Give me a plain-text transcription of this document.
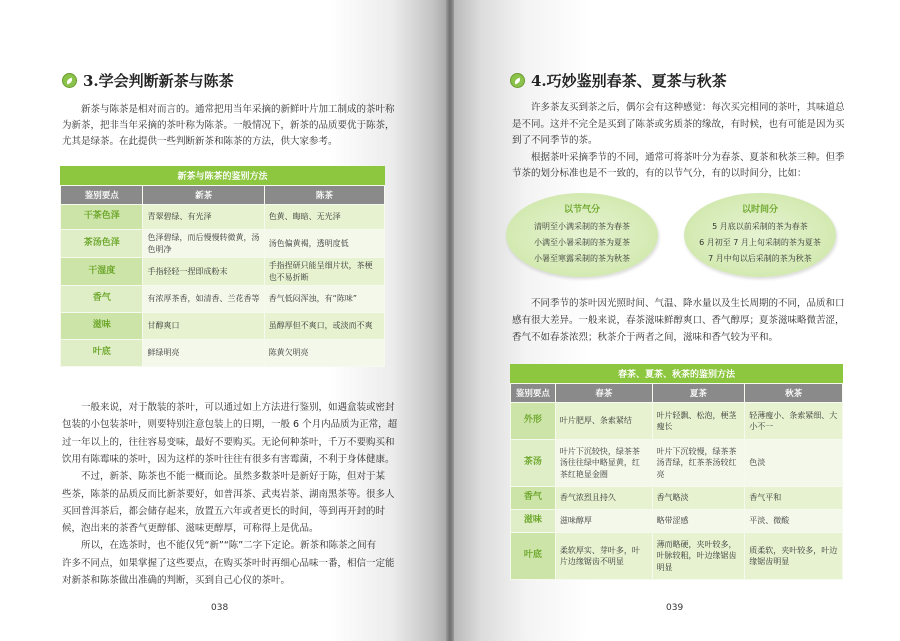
3.学会判断新茶与陈茶

新茶与陈茶是相对而言的。通常把用当年采摘的新鲜叶片加工制成的茶叶称

为新茶，把非当年采摘的茶叶称为陈茶。一般情况下，新茶的品质要优于陈茶，

尤其是绿茶。在此提供一些判断新茶和陈茶的方法，供大家参考。

新茶与陈茶的鉴别方法
鉴别要点	新茶	陈茶
干茶色泽	青翠碧绿、有光泽	色黄、晦暗、无光泽
茶汤色泽	色泽碧绿，而后慢慢转微黄，汤色明净	汤色偏黄褐，透明度低
干湿度	手指轻轻一捏即成粉末	手指捏研只能呈细片状，茶梗也不易折断
香气	有浓厚茶香，如清香、兰花香等	香气低闷浑浊，有“陈味”
滋味	甘醇爽口	虽醇厚但不爽口，或淡而不爽
叶底	鲜绿明亮	陈黄欠明亮

一般来说，对于散装的茶叶，可以通过如上方法进行鉴别，如遇盒装或密封

包装的小包装茶叶，则要特别注意包装上的日期，一般 6 个月内品质为正常，超

过一年以上的，往往容易变味，最好不要购买。无论何种茶叶，千万不要购买和

饮用有陈霉味的茶叶，因为这样的茶叶往往有很多有害霉菌，不利于身体健康。

不过，新茶、陈茶也不能一概而论。虽然多数茶叶是新好于陈，但对于某

些茶，陈茶的品质反而比新茶要好，如普洱茶、武夷岩茶、湖南黑茶等。很多人

买回普洱茶后，都会储存起来，放置五六年或者更长的时间，等到再开封的时

候，泡出来的茶香气更醇郁、滋味更醇厚，可称得上是优品。

所以，在选茶时，也不能仅凭“新”“陈”二字下定论。新茶和陈茶之间有

许多不同点，如果掌握了这些要点，在购买茶叶时再细心品味一番，相信一定能

对新茶和陈茶做出准确的判断，买到自己心仪的茶叶。

038
4.巧妙鉴别春茶、夏茶与秋茶

许多茶友买到茶之后，偶尔会有这种感觉：每次买完相同的茶叶，其味道总

是不同。这并不完全是买到了陈茶或劣质茶的缘故，有时候，也有可能是因为买

到了不同季节的茶。

根据茶叶采摘季节的不同，通常可将茶叶分为春茶、夏茶和秋茶三种。但季

节茶的划分标准也是不一致的，有的以节气分，有的以时间分，比如：

以节气分
清明至小满采制的茶为春茶
小满至小暑采制的茶为夏茶
小暑至寒露采制的茶为秋茶
以时间分
5 月底以前采制的茶为春茶
6 月初至 7 月上旬采制的茶为夏茶
7 月中旬以后采制的茶为秋茶

不同季节的茶叶因光照时间、气温、降水量以及生长周期的不同，品质和口

感有很大差异。一般来说，春茶滋味鲜醇爽口、香气醇厚；夏茶滋味略微苦涩，

香气不如春茶浓烈；秋茶介于两者之间，滋味和香气较为平和。

春茶、夏茶、秋茶的鉴别方法
鉴别要点	春茶	夏茶	秋茶
外形	叶片肥厚、条索紧结	叶片轻飘、松泡，梗茎瘦长	轻薄瘦小、条索紧细、大小不一
茶汤	叶片下沉较快，绿茶茶汤往往绿中略显黄，红茶红艳显金圈	叶片下沉较慢，绿茶茶汤青绿，红茶茶汤较红亮	色淡
香气	香气浓烈且持久	香气略淡	香气平和
滋味	滋味醇厚	略带涩感	平淡、微酸
叶底	柔软厚实、芽叶多，叶片边缘锯齿不明显	薄而略硬，夹叶较多，叶脉较粗，叶边缘锯齿明显	质柔软，夹叶较多，叶边缘锯齿明显
039
